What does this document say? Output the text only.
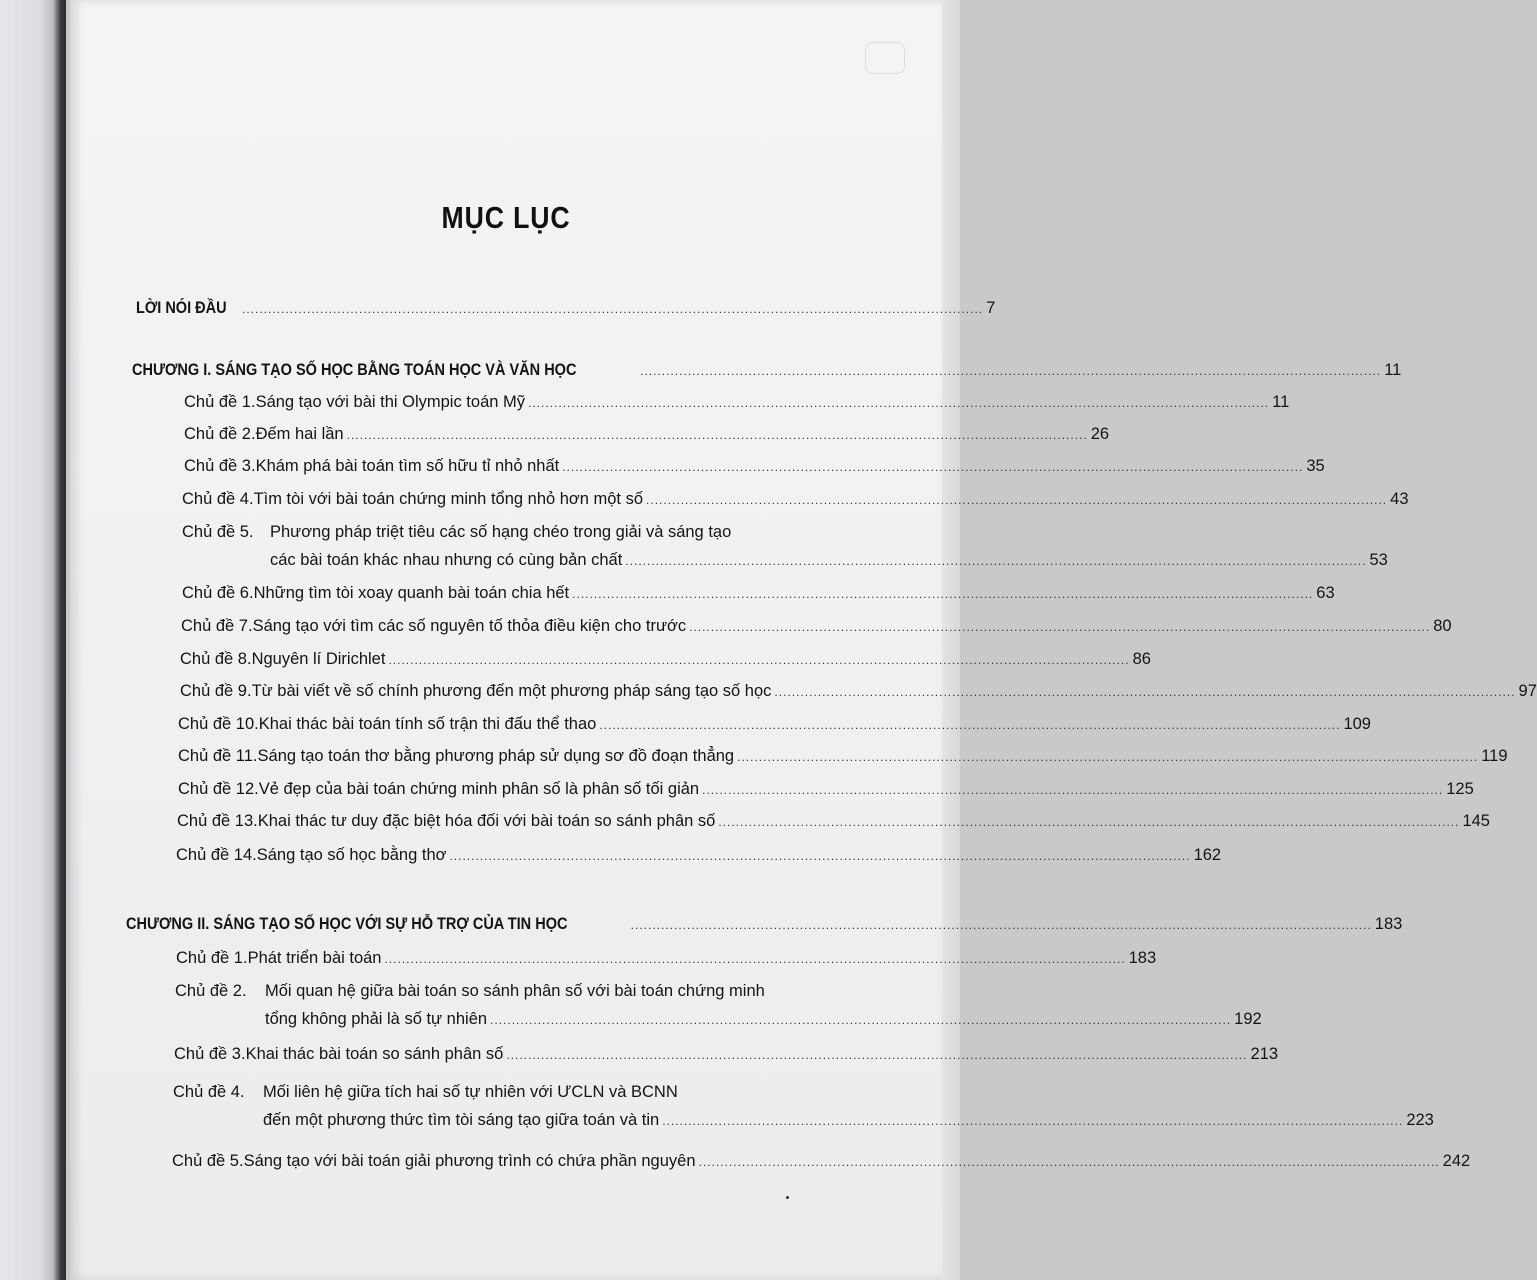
MỤC LỤC
LỜI NÓI ĐẦU	........................................................................................................................................................................... 7
CHƯƠNG I. SÁNG TẠO SỐ HỌC BẰNG TOÁN HỌC VÀ VĂN HỌC	........................................................................................................................................................................... 11
Chủ đề 1. Sáng tạo với bài thi Olympic toán Mỹ ........................................................................................................................................................................... 11
Chủ đề 2. Đếm hai lần ........................................................................................................................................................................... 26
Chủ đề 3. Khám phá bài toán tìm số hữu tỉ nhỏ nhất ........................................................................................................................................................................... 35
Chủ đề 4. Tìm tòi với bài toán chứng minh tổng nhỏ hơn một số ........................................................................................................................................................................... 43
Chủ đề 5. Phương pháp triệt tiêu các số hạng chéo trong giải và sáng tạo
các bài toán khác nhau nhưng có cùng bản chất ........................................................................................................................................................................... 53
Chủ đề 6. Những tìm tòi xoay quanh bài toán chia hết ........................................................................................................................................................................... 63
Chủ đề 7. Sáng tạo với tìm các số nguyên tố thỏa điều kiện cho trước ........................................................................................................................................................................... 80
Chủ đề 8. Nguyên lí Dirichlet ........................................................................................................................................................................... 86
Chủ đề 9. Từ bài viết về số chính phương đến một phương pháp sáng tạo số học ........................................................................................................................................................................... 97
Chủ đề 10. Khai thác bài toán tính số trận thi đấu thể thao ........................................................................................................................................................................... 109
Chủ đề 11. Sáng tạo toán thơ bằng phương pháp sử dụng sơ đồ đoạn thẳng ........................................................................................................................................................................... 119
Chủ đề 12. Vẻ đẹp của bài toán chứng minh phân số là phân số tối giản ........................................................................................................................................................................... 125
Chủ đề 13. Khai thác tư duy đặc biệt hóa đối với bài toán so sánh phân số ........................................................................................................................................................................... 145
Chủ đề 14. Sáng tạo số học bằng thơ ........................................................................................................................................................................... 162
CHƯƠNG II. SÁNG TẠO SỐ HỌC VỚI SỰ HỖ TRỢ CỦA TIN HỌC	........................................................................................................................................................................... 183
Chủ đề 1. Phát triển bài toán ........................................................................................................................................................................... 183
Chủ đề 2.	Mối quan hệ giữa bài toán so sánh phân số với bài toán chứng minh
tổng không phải là số tự nhiên ........................................................................................................................................................................... 192
Chủ đề 3. Khai thác bài toán so sánh phân số ........................................................................................................................................................................... 213
Chủ đề 4.	Mối liên hệ giữa tích hai số tự nhiên với ƯCLN và BCNN
đến một phương thức tìm tòi sáng tạo giữa toán và tin ........................................................................................................................................................................... 223
Chủ đề 5. Sáng tạo với bài toán giải phương trình có chứa phần nguyên ........................................................................................................................................................................... 242
